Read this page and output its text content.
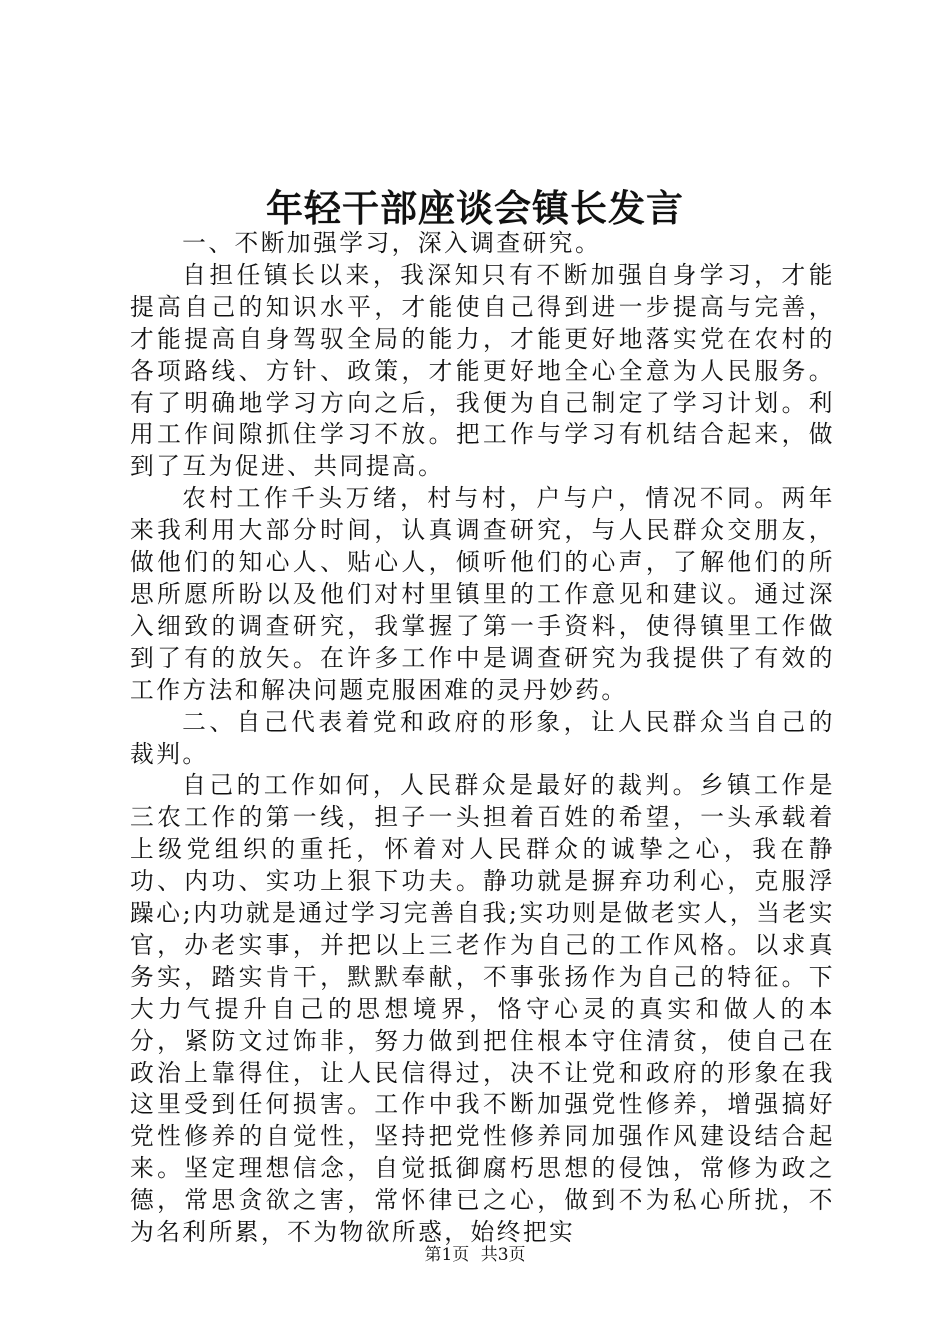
年轻干部座谈会镇长发言

一、不断加强学习，深入调查研究。

自担任镇长以来，我深知只有不断加强自身学习，才能提高自己的知识水平，才能使自己得到进一步提高与完善，才能提高自身驾驭全局的能力，才能更好地落实党在农村的各项路线、方针、政策，才能更好地全心全意为人民服务。有了明确地学习方向之后，我便为自己制定了学习计划。利用工作间隙抓住学习不放。把工作与学习有机结合起来，做到了互为促进、共同提高。

农村工作千头万绪，村与村，户与户，情况不同。两年来我利用大部分时间，认真调查研究，与人民群众交朋友，做他们的知心人、贴心人，倾听他们的心声，了解他们的所思所愿所盼以及他们对村里镇里的工作意见和建议。通过深入细致的调查研究，我掌握了第一手资料，使得镇里工作做到了有的放矢。在许多工作中是调查研究为我提供了有效的工作方法和解决问题克服困难的灵丹妙药。

二、自己代表着党和政府的形象，让人民群众当自己的裁判。

自己的工作如何，人民群众是最好的裁判。乡镇工作是三农工作的第一线，担子一头担着百姓的希望，一头承载着上级党组织的重托，怀着对人民群众的诚挚之心，我在静功、内功、实功上狠下功夫。静功就是摒弃功利心，克服浮躁心;内功就是通过学习完善自我;实功则是做老实人，当老实官，办老实事，并把以上三老作为自己的工作风格。以求真务实，踏实肯干，默默奉献，不事张扬作为自己的特征。下大力气提升自己的思想境界，恪守心灵的真实和做人的本分，紧防文过饰非，努力做到把住根本守住清贫，使自己在政治上靠得住，让人民信得过，决不让党和政府的形象在我这里受到任何损害。工作中我不断加强党性修养，增强搞好党性修养的自觉性，坚持把党性修养同加强作风建设结合起来。坚定理想信念，自觉抵御腐朽思想的侵蚀，常修为政之德，常思贪欲之害，常怀律已之心，做到不为私心所扰，不为名利所累，不为物欲所惑，始终把实

第1页 共3页
